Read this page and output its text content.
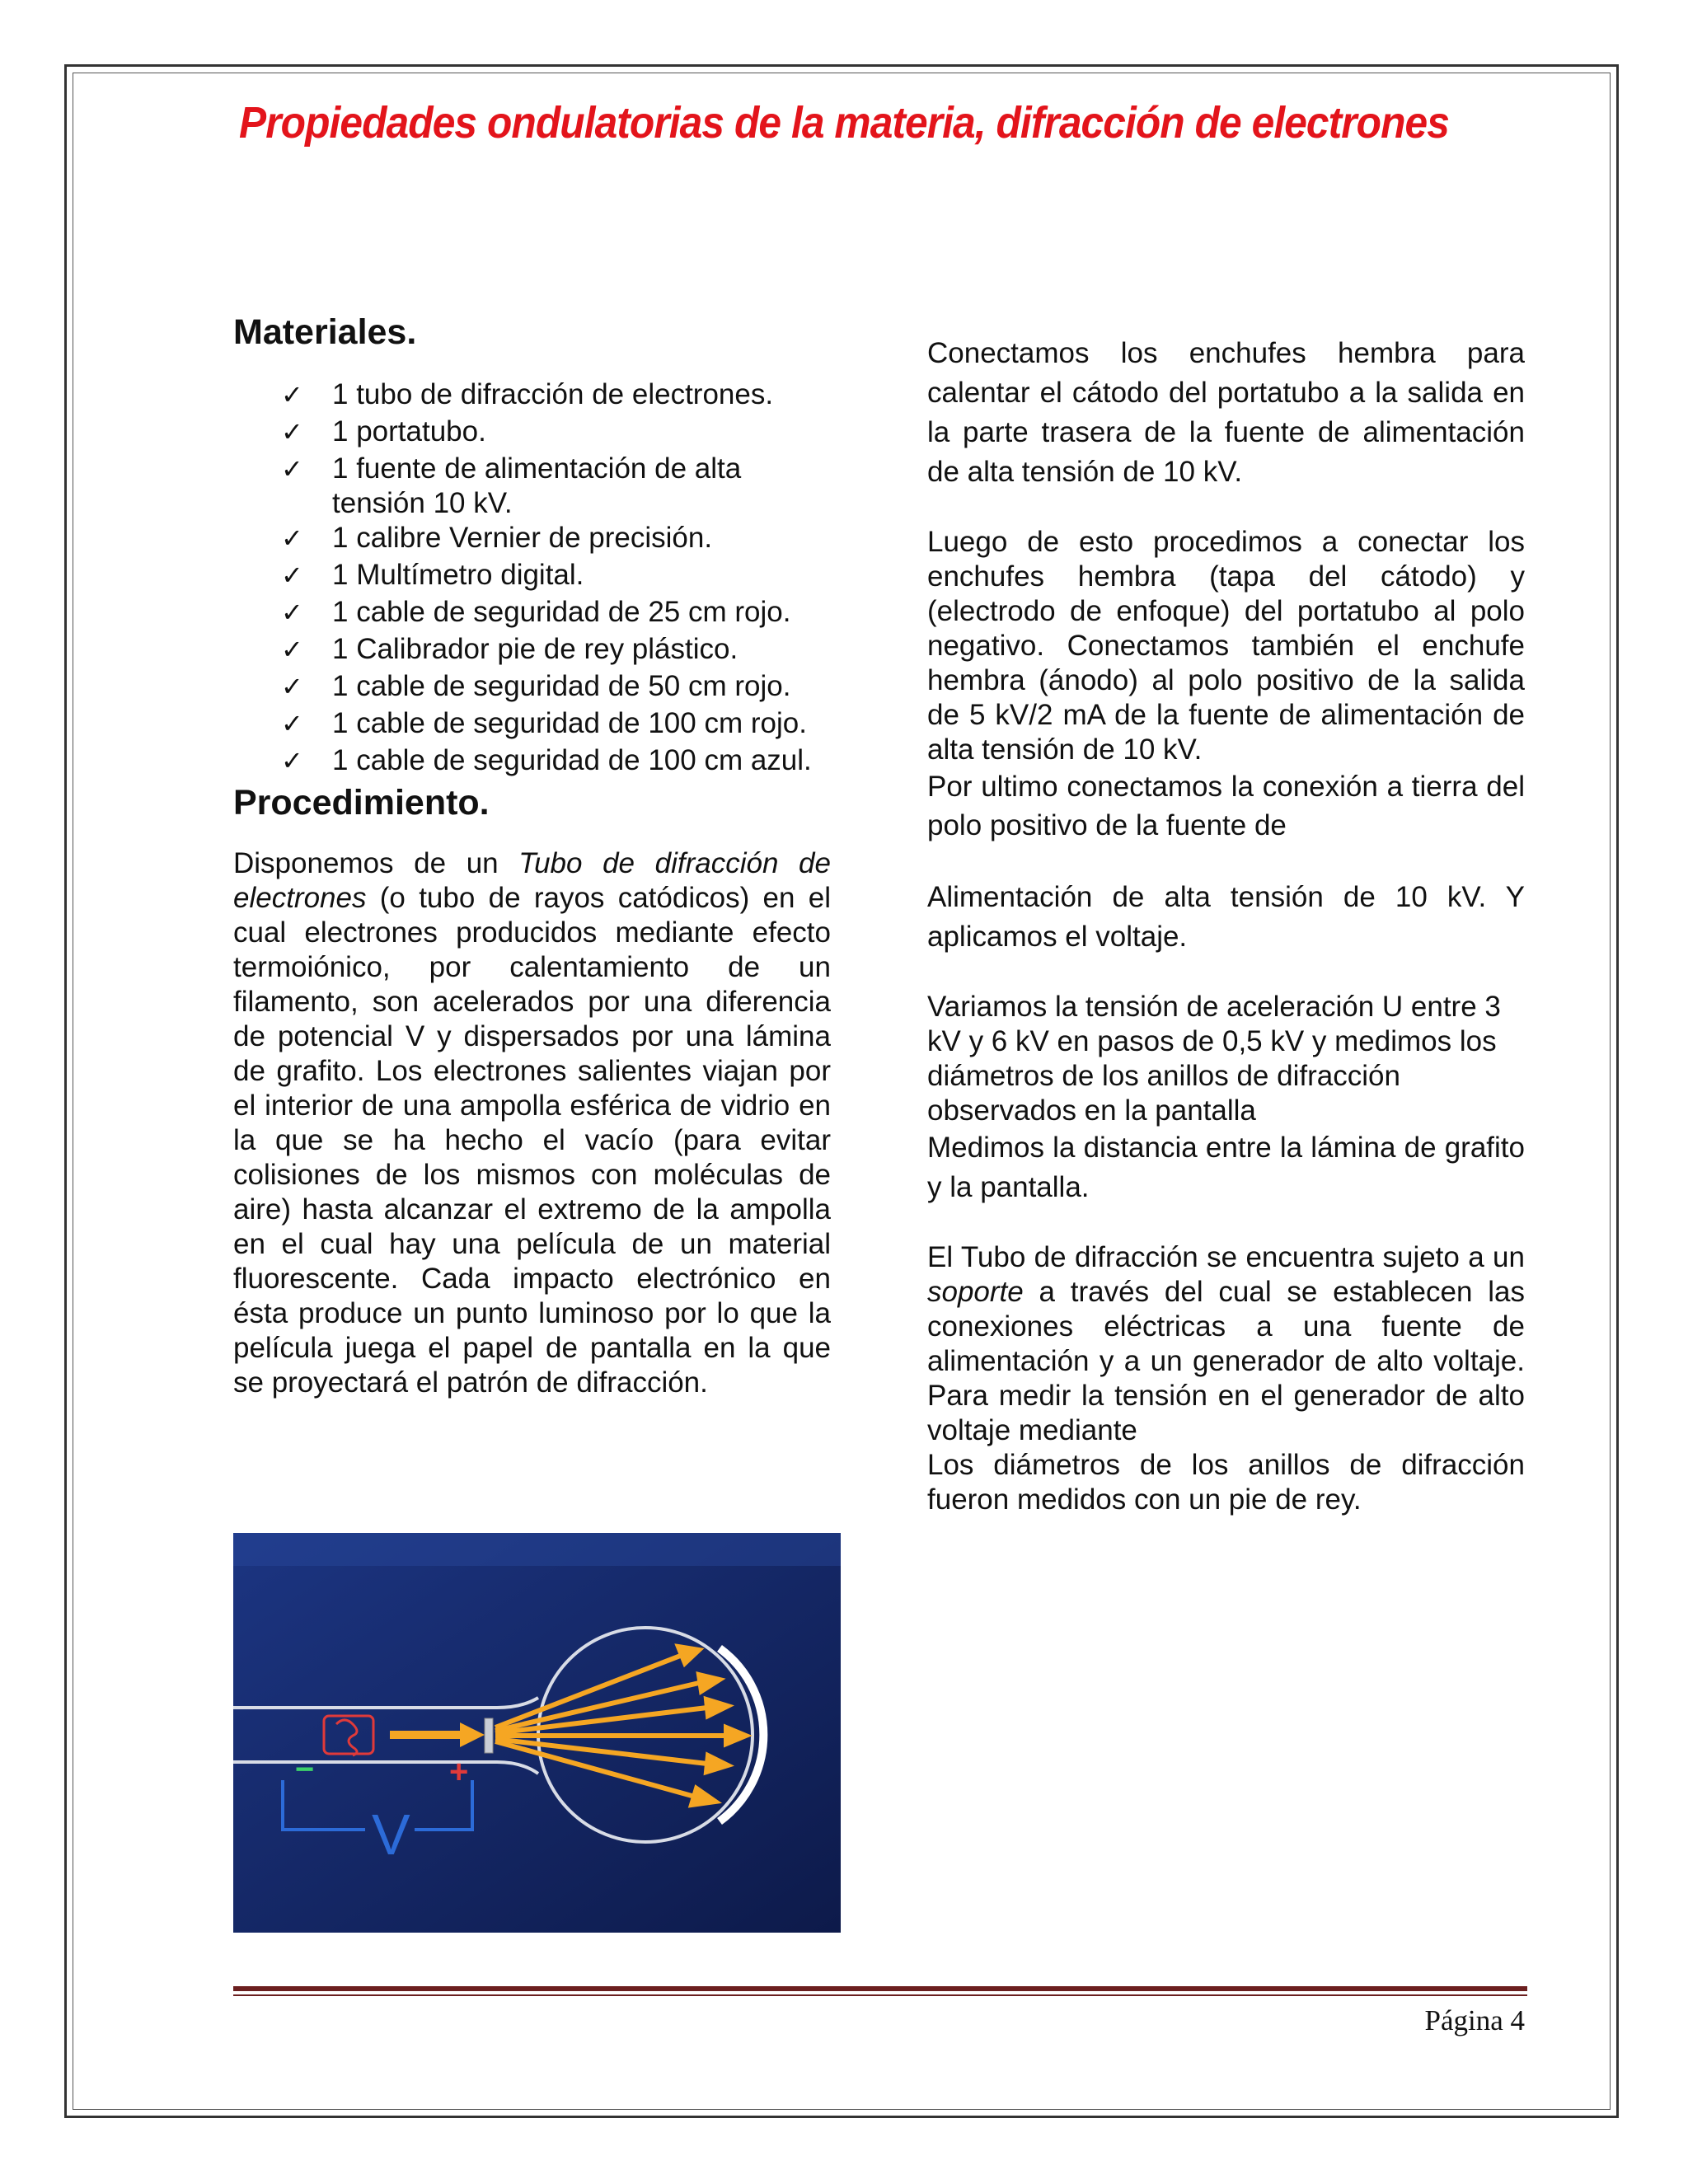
Propiedades ondulatorias de la materia, difracción de electrones
Materiales.
✓ 1 tubo de difracción de electrones.
✓ 1 portatubo.
✓ 1 fuente de alimentación de alta tensión 10 kV.
✓ 1 calibre Vernier de precisión.
✓ 1 Multímetro digital.
✓ 1 cable de seguridad de 25 cm rojo.
✓ 1 Calibrador pie de rey plástico.
✓ 1 cable de seguridad de 50 cm rojo.
✓ 1 cable de seguridad de 100 cm rojo.
✓ 1 cable de seguridad de 100 cm azul.
Procedimiento.

Disponemos de un Tubo de difracción de electrones (o tubo de rayos catódicos) en el cual electrones producidos mediante efecto termoiónico, por calentamiento de un filamento, son acelerados por una diferencia de potencial V y dispersados por una lámina de grafito. Los electrones salientes viajan por el interior de una ampolla esférica de vidrio en la que se ha hecho el vacío (para evitar colisiones de los mismos con moléculas de aire) hasta alcanzar el extremo de la ampolla en el cual hay una película de un material fluorescente. Cada impacto electrónico en ésta produce un punto luminoso por lo que la película juega el papel de pantalla en la que se proyectará el patrón de difracción.

−	+
V

Conectamos los enchufes hembra para calentar el cátodo del portatubo a la salida en la parte trasera de la fuente de alimentación de alta tensión de 10 kV.

Luego de esto procedimos a conectar los enchufes hembra (tapa del cátodo) y (electrodo de enfoque) del portatubo al polo negativo. Conectamos también el enchufe hembra (ánodo) al polo positivo de la salida de 5 kV/2 mA de la fuente de alimentación de alta tensión de 10 kV.

Por ultimo conectamos la conexión a tierra del polo positivo de la fuente de

Alimentación de alta tensión de 10 kV. Y aplicamos el voltaje.

Variamos la tensión de aceleración U entre 3 kV y 6 kV en pasos de 0,5 kV y medimos los diámetros de los anillos de difracción observados en la pantalla

Medimos la distancia entre la lámina de grafito y la pantalla.

El Tubo de difracción se encuentra sujeto a un soporte a través del cual se establecen las conexiones eléctricas a una fuente de alimentación y a un generador de alto voltaje. Para medir la tensión en el generador de alto voltaje mediante

Los diámetros de los anillos de difracción fueron medidos con un pie de rey.

Página 4
